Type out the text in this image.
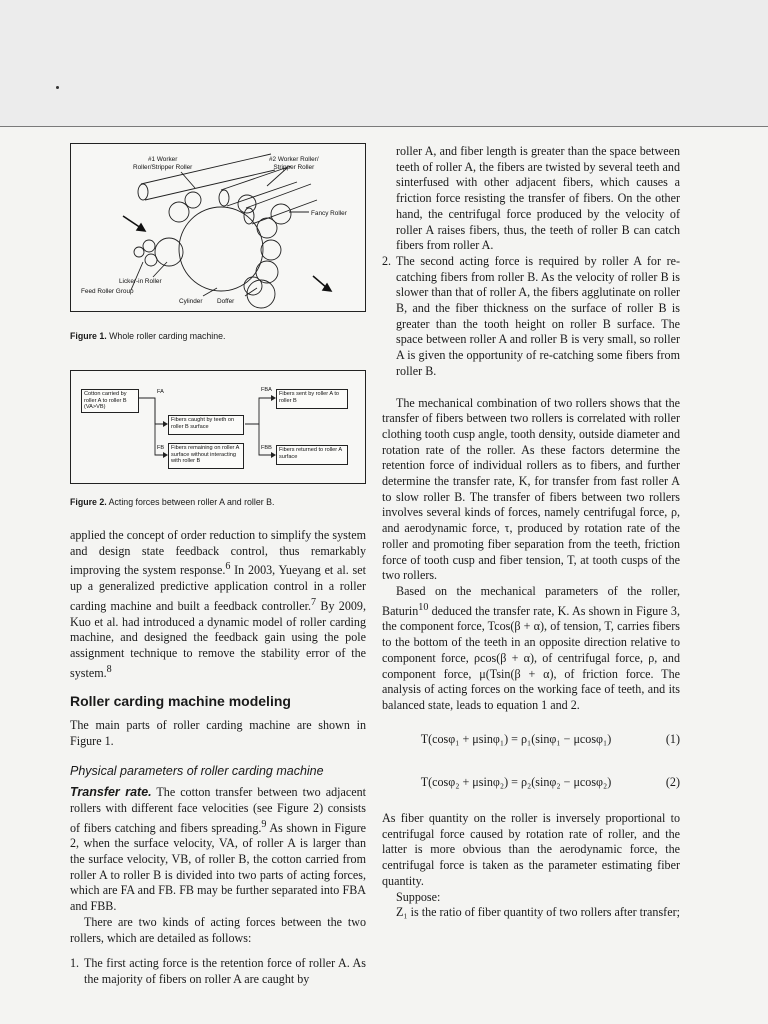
#1 Worker
Roller/Stripper Roller
#2 Worker Roller/
Stripper Roller
Fancy Roller
Licker-in Roller
Feed Roller Group
Cylinder Doffer
Figure 1. Whole roller carding machine.
Cotton carried by roller A to roller B (VA>VB)
Fibers caught by teeth on roller B surface
Fibers sent by roller A to roller B
Fibers remaining on roller A surface without interacting with roller B
Fibers returned to roller A surface
FA
FB
FBA
FBB
Figure 2. Acting forces between roller A and roller B.

applied the concept of order reduction to simplify the system and design state feedback control, thus remarkably improving the system response.$^6$ In 2003, Yueyang et al. set up a generalized predictive application control in a roller carding machine and built a feedback controller.$^7$ By 2009, Kuo et al. had introduced a dynamic model of roller carding machine, and designed the feedback gain using the pole assignment technique to remove the stability error of the system.$^8$

Roller carding machine modeling

The main parts of roller carding machine are shown in Figure 1.

Physical parameters of roller carding machine

Transfer rate. The cotton transfer between two adjacent rollers with different face velocities (see Figure 2) consists of fibers catching and fibers spreading.$^9$ As shown in Figure 2, when the surface velocity, VA, of roller A is larger than the surface velocity, VB, of roller B, the cotton carried from roller A to roller B is divided into two parts of acting forces, which are FA and FB. FB may be further separated into FBA and FBB.

There are two kinds of acting forces between the two rollers, which are detailed as follows:

1. The first acting force is the retention force of roller A. As the majority of fibers on roller A are caught by

roller A, and fiber length is greater than the space between teeth of roller A, the fibers are twisted by several teeth and sinterfused with other adjacent fibers, which causes a friction force resisting the transfer of fibers. On the other hand, the centrifugal force produced by the velocity of roller A raises fibers, thus, the teeth of roller B can catch fibers from roller A.

2. The second acting force is required by roller A for re-catching fibers from roller B. As the velocity of roller B is slower than that of roller A, the fibers agglutinate on roller B, and the fiber thickness on the surface of roller B is greater than the tooth height on roller B surface. The space between roller A and roller B is very small, so roller A is given the opportunity of re-catching some fibers from roller B.

The mechanical combination of two rollers shows that the transfer of fibers between two rollers is correlated with roller clothing tooth cusp angle, tooth density, outside diameter and rotation rate of the roller. As these factors determine the retention force of individual rollers as to fibers, and further determine the transfer rate, K, for transfer from fast roller A to slow roller B. The transfer of fibers between two rollers involves several kinds of forces, namely centrifugal force, ρ, and aerodynamic force, τ, produced by rotation rate of the roller and promoting fiber separation from the teeth, friction force of tooth cusp and fiber tension, T, at tooth cusps of the two rollers.

Based on the mechanical parameters of the roller, Baturin$^{10}$ deduced the transfer rate, K. As shown in Figure 3, the component force, Tcos(β + α), of tension, T, carries fibers to the bottom of the teeth in an opposite direction relative to component force, ρcos(β + α), of centrifugal force, ρ, and component force, μ(Tsin(β + α), of friction force. The analysis of acting forces on the working face of teeth, and its balanced state, leads to equation 1 and 2.

T(cosφ₁ + μsinφ₁) = ρ₁(sinφ₁ − μcosφ₁)	(1)

T(cosφ₂ + μsinφ₂) = ρ₂(sinφ₂ − μcosφ₂)	(2)

As fiber quantity on the roller is inversely proportional to centrifugal force caused by rotation rate of roller, and the latter is more obvious than the aerodynamic force, the centrifugal force is taken as the parameter estimating fiber quantity.

Suppose:

Z₁ is the ratio of fiber quantity of two rollers after transfer;
